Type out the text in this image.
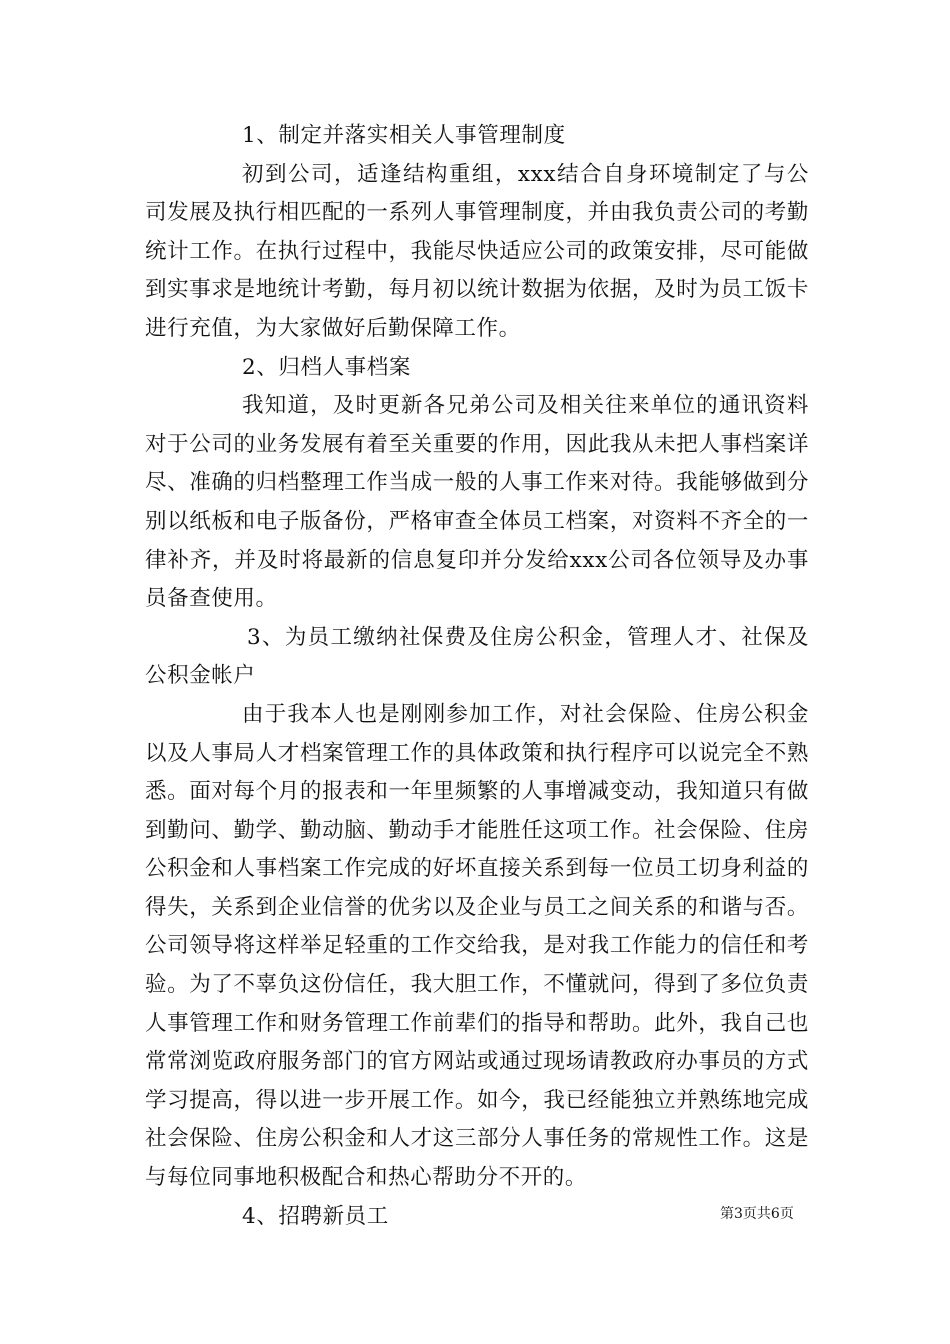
1、制定并落实相关人事管理制度

初到公司，适逢结构重组，xxx结合自身环境制定了与公司发展及执行相匹配的一系列人事管理制度，并由我负责公司的考勤统计工作。在执行过程中，我能尽快适应公司的政策安排，尽可能做到实事求是地统计考勤，每月初以统计数据为依据，及时为员工饭卡进行充值，为大家做好后勤保障工作。

2、归档人事档案

我知道，及时更新各兄弟公司及相关往来单位的通讯资料对于公司的业务发展有着至关重要的作用，因此我从未把人事档案详尽、准确的归档整理工作当成一般的人事工作来对待。我能够做到分别以纸板和电子版备份，严格审查全体员工档案，对资料不齐全的一律补齐，并及时将最新的信息复印并分发给xxx公司各位领导及办事员备查使用。

3、为员工缴纳社保费及住房公积金，管理人才、社保及公积金帐户

由于我本人也是刚刚参加工作，对社会保险、住房公积金以及人事局人才档案管理工作的具体政策和执行程序可以说完全不熟悉。面对每个月的报表和一年里频繁的人事增减变动，我知道只有做到勤问、勤学、勤动脑、勤动手才能胜任这项工作。社会保险、住房公积金和人事档案工作完成的好坏直接关系到每一位员工切身利益的得失，关系到企业信誉的优劣以及企业与员工之间关系的和谐与否。公司领导将这样举足轻重的工作交给我，是对我工作能力的信任和考验。为了不辜负这份信任，我大胆工作，不懂就问，得到了多位负责人事管理工作和财务管理工作前辈们的指导和帮助。此外，我自己也常常浏览政府服务部门的官方网站或通过现场请教政府办事员的方式学习提高，得以进一步开展工作。如今，我已经能独立并熟练地完成社会保险、住房公积金和人才这三部分人事任务的常规性工作。这是与每位同事地积极配合和热心帮助分不开的。

4、招聘新员工	第3页共6页
